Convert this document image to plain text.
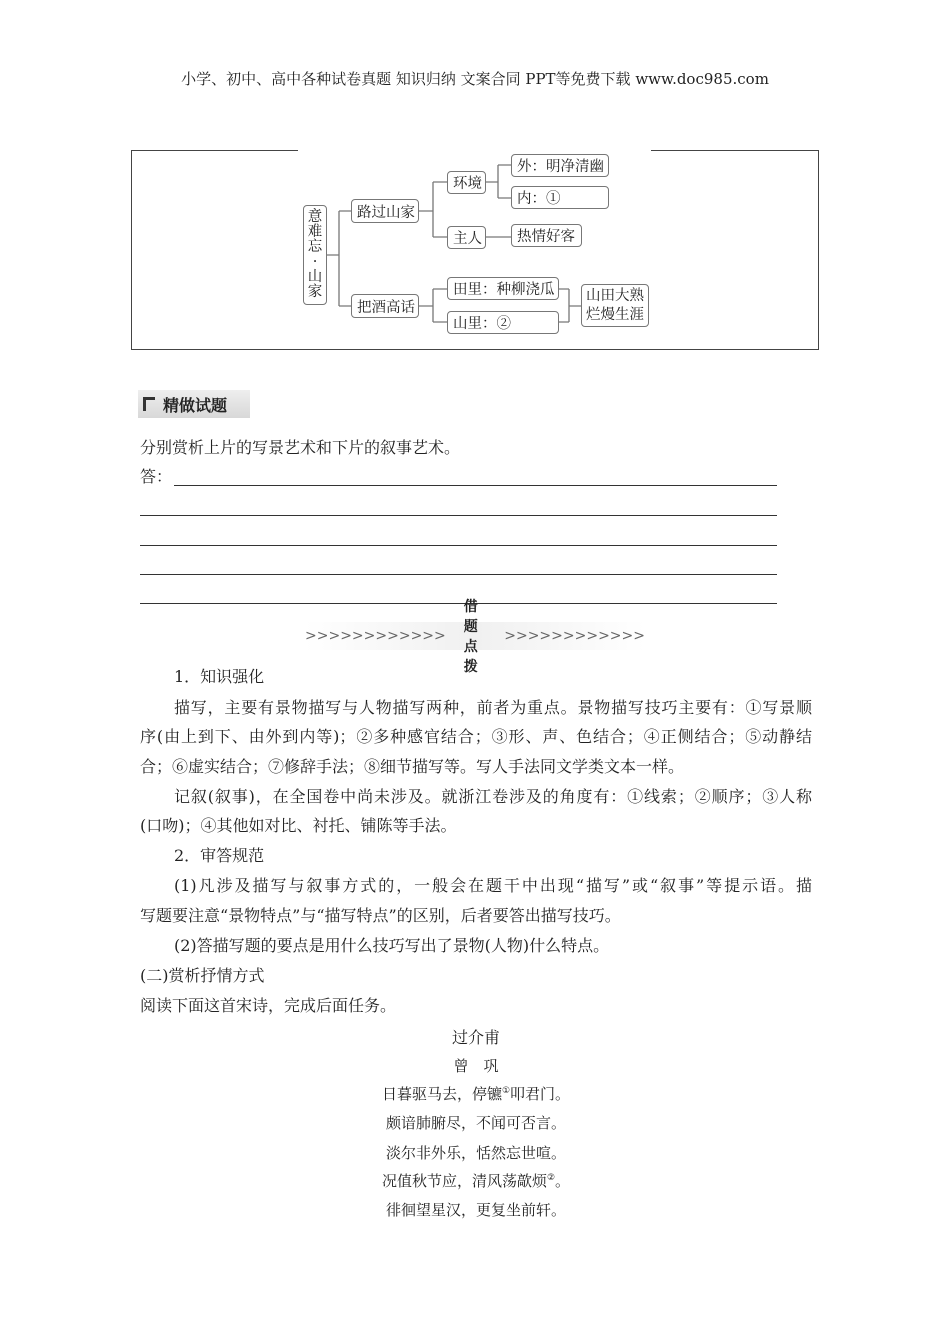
小学、初中、高中各种试卷真题 知识归纳 文案合同 PPT等免费下载 www.doc985.com
意
难
忘
·
山
家
路过山家
环境
外：明净清幽
内：①
主人	热情好客
把酒高话
田里：种柳浇瓜
山里：②
山田大熟
烂熳生涯
精做试题
分别赏析上片的写景艺术和下片的叙事艺术。
答：
>>>>>>>>>>>>
借题点拨
>>>>>>>>>>>>
1．知识强化
描写，主要有景物描写与人物描写两种，前者为重点。景物描写技巧主要有：①写景顺
序(由上到下、由外到内等)；②多种感官结合；③形、声、色结合；④正侧结合；⑤动静结
合；⑥虚实结合；⑦修辞手法；⑧细节描写等。写人手法同文学类文本一样。
记叙(叙事)，在全国卷中尚未涉及。就浙江卷涉及的角度有：①线索；②顺序；③人称
(口吻)；④其他如对比、衬托、铺陈等手法。
2．审答规范
(1)凡涉及描写与叙事方式的，一般会在题干中出现“描写”或“叙事”等提示语。描
写题要注意“景物特点”与“描写特点”的区别，后者要答出描写技巧。
(2)答描写题的要点是用什么技巧写出了景物(人物)什么特点。
(二)赏析抒情方式
阅读下面这首宋诗，完成后面任务。
过介甫
曾　巩
日暮驱马去，停镳①叩君门。
颇谙肺腑尽，不闻可否言。
淡尔非外乐，恬然忘世喧。
况值秋节应，清风荡歊烦②。
徘徊望星汉，更复坐前轩。
